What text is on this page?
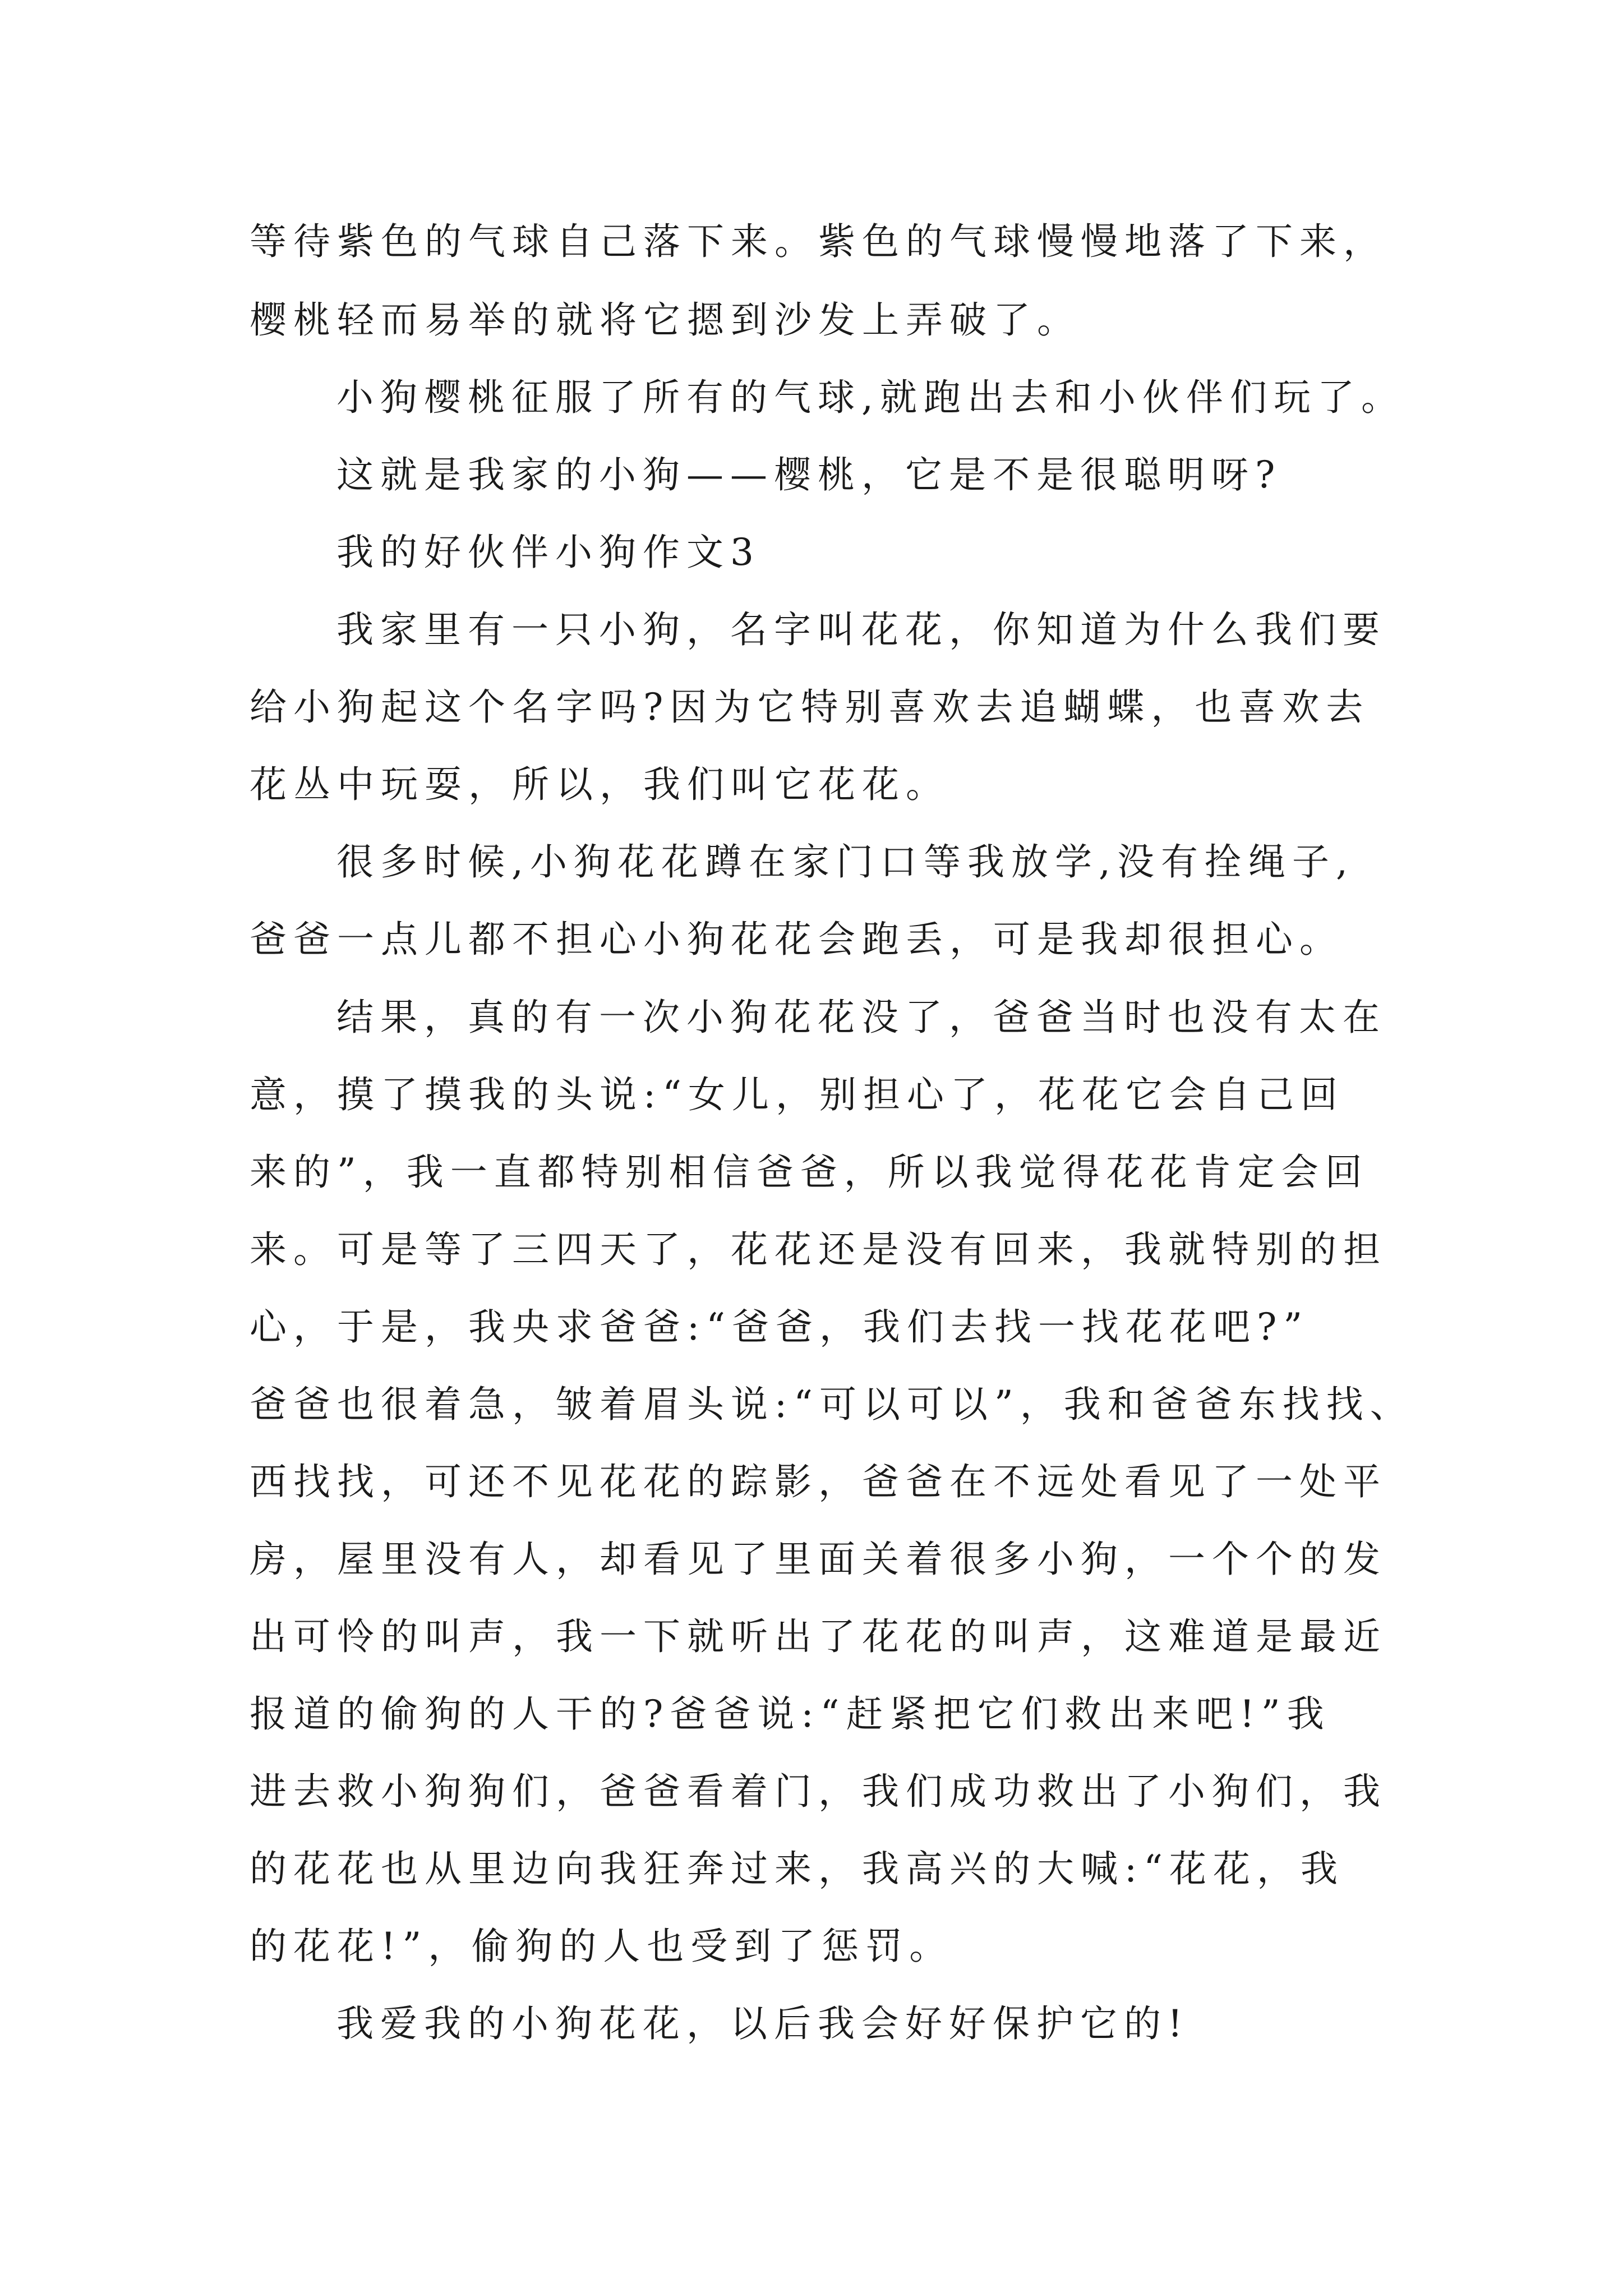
等待紫色的气球自己落下来。紫色的气球慢慢地落了下来，
樱桃轻而易举的就将它摁到沙发上弄破了。
小狗樱桃征服了所有的气球,就跑出去和小伙伴们玩了。
这就是我家的小狗——樱桃，它是不是很聪明呀?
我的好伙伴小狗作文3
我家里有一只小狗，名字叫花花，你知道为什么我们要
给小狗起这个名字吗?因为它特别喜欢去追蝴蝶，也喜欢去
花丛中玩耍，所以，我们叫它花花。
很多时候,小狗花花蹲在家门口等我放学,没有拴绳子,
爸爸一点儿都不担心小狗花花会跑丢，可是我却很担心。
结果，真的有一次小狗花花没了，爸爸当时也没有太在
意，摸了摸我的头说:“女儿，别担心了，花花它会自己回
来的”，我一直都特别相信爸爸，所以我觉得花花肯定会回
来。可是等了三四天了，花花还是没有回来，我就特别的担
心，于是，我央求爸爸:“爸爸，我们去找一找花花吧?”
爸爸也很着急，皱着眉头说:“可以可以”，我和爸爸东找找、
西找找，可还不见花花的踪影，爸爸在不远处看见了一处平
房，屋里没有人，却看见了里面关着很多小狗，一个个的发
出可怜的叫声，我一下就听出了花花的叫声，这难道是最近
报道的偷狗的人干的?爸爸说:“赶紧把它们救出来吧!”我
进去救小狗狗们，爸爸看着门，我们成功救出了小狗们，我
的花花也从里边向我狂奔过来，我高兴的大喊:“花花，我
的花花!”，偷狗的人也受到了惩罚。
我爱我的小狗花花，以后我会好好保护它的!
